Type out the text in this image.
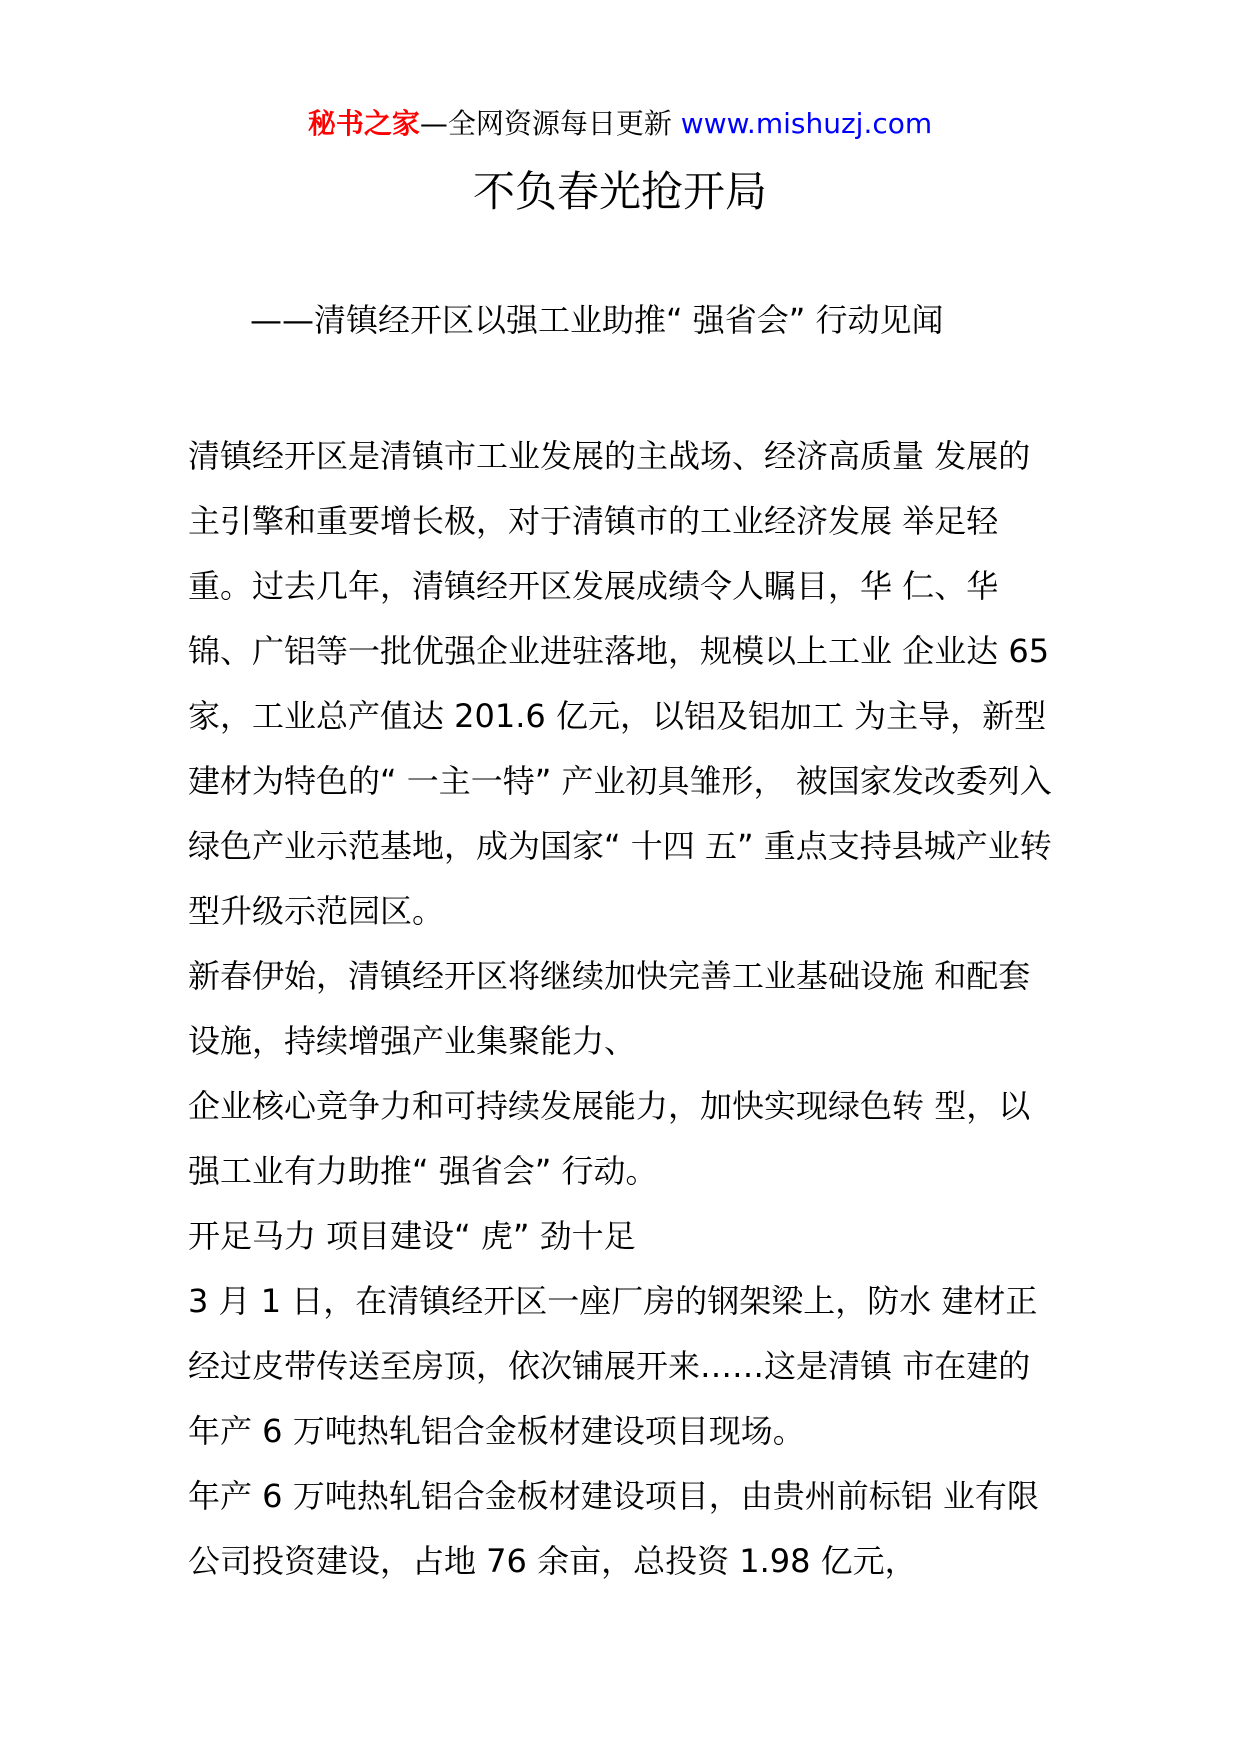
秘书之家—全网资源每日更新 www.mishuzj.com
不负春光抢开局
——清镇经开区以强工业助推“ 强省会” 行动见闻
清镇经开区是清镇市工业发展的主战场、经济高质量 发展的主引擎和重要增长极，对于清镇市的工业经济发展 举足轻重。过去几年，清镇经开区发展成绩令人瞩目，华 仁、华锦、广铝等一批优强企业进驻落地，规模以上工业 企业达 65 家，工业总产值达 201.6 亿元，以铝及铝加工 为主导，新型建材为特色的“ 一主一特” 产业初具雏形， 被国家发改委列入绿色产业示范基地，成为国家“ 十四 五” 重点支持县城产业转型升级示范园区。
新春伊始，清镇经开区将继续加快完善工业基础设施 和配套设施，持续增强产业集聚能力、
企业核心竞争力和可持续发展能力，加快实现绿色转 型，以强工业有力助推“ 强省会” 行动。
开足马力 项目建设“ 虎” 劲十足
3 月 1 日，在清镇经开区一座厂房的钢架梁上，防水 建材正经过皮带传送至房顶，依次铺展开来……这是清镇 市在建的年产 6 万吨热轧铝合金板材建设项目现场。
年产 6 万吨热轧铝合金板材建设项目，由贵州前标铝 业有限公司投资建设，占地 76 余亩，总投资 1.98 亿元，
